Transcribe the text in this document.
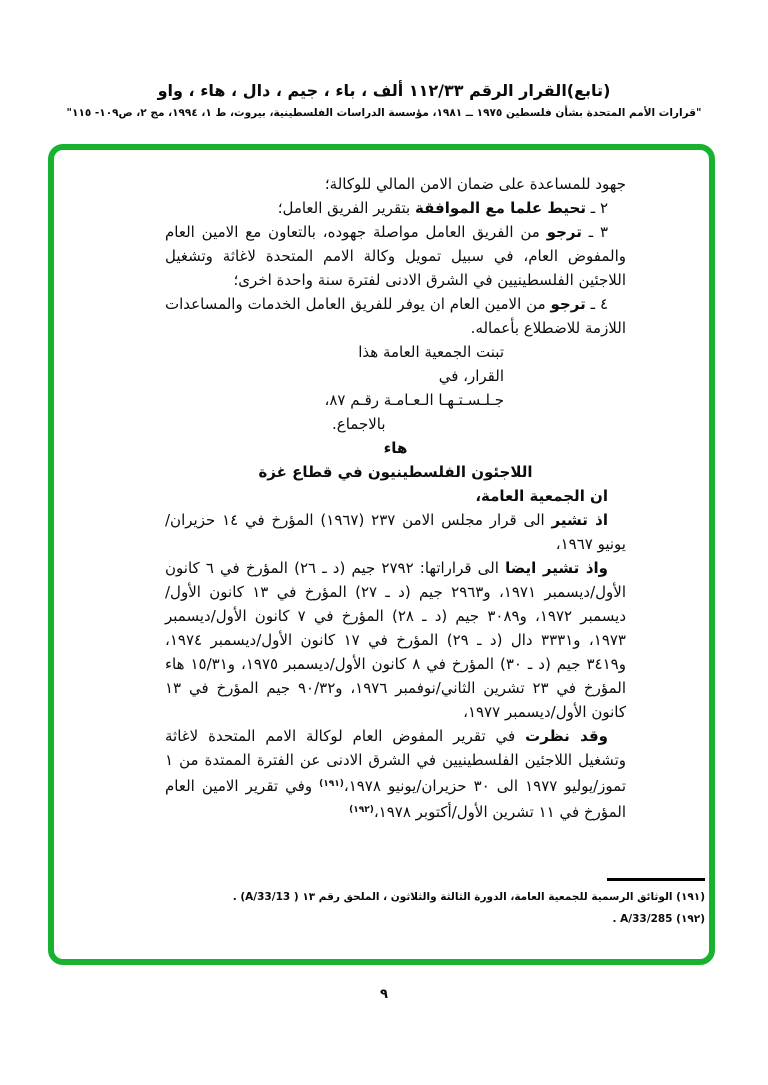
(تابع)القرار الرقم ١١٢/٣٣ ألف ، باء ، جيم ، دال ، هاء ، واو
"قرارات الأمم المتحدة بشأن فلسطين ١٩٧٥ ــ ١٩٨١، مؤسسة الدراسات الفلسطينية، بيروت، ط ١، ١٩٩٤، مج ٢، ص١٠٩- ١١٥"

جهود للمساعدة على ضمان الامن المالي للوكالة؛

٢ ـ تحيط علما مع الموافقة بتقرير الفريق العامل؛

٣ ـ ترجو من الفريق العامل مواصلة جهوده، بالتعاون مع الامين العام والمفوض العام، في سبيل تمويل وكالة الامم المتحدة لاغاثة وتشغيل اللاجئين الفلسطينيين في الشرق الادنى لفترة سنة واحدة اخرى؛

٤ ـ ترجو من الامين العام ان يوفر للفريق العامل الخدمات والمساعدات اللازمة للاضطلاع بأعماله.

تبنت الجمعية العامة هذا القرار، في

جـلـسـتـهـا الـعـامـة رقـم ٨٧،

بالاجماع.

هاء

اللاجئون الفلسطينيون في قطاع غزة

ان الجمعية العامة،

اذ تشير الى قرار مجلس الامن ٢٣٧ (١٩٦٧) المؤرخ في ١٤ حزيران/يونيو ١٩٦٧،

واذ تشير ايضا الى قراراتها: ٢٧٩٢ جيم (د ـ ٢٦) المؤرخ في ٦ كانون الأول/ديسمبر ١٩٧١، و٢٩٦٣ جيم (د ـ ٢٧) المؤرخ في ١٣ كانون الأول/ديسمبر ١٩٧٢، و٣٠٨٩ جيم (د ـ ٢٨) المؤرخ في ٧ كانون الأول/ديسمبر ١٩٧٣، و٣٣٣١ دال (د ـ ٢٩) المؤرخ في ١٧ كانون الأول/ديسمبر ١٩٧٤، و٣٤١٩ جيم (د ـ ٣٠) المؤرخ في ٨ كانون الأول/ديسمبر ١٩٧٥، و١٥/٣١ هاء المؤرخ في ٢٣ تشرين الثاني/نوفمبر ١٩٧٦، و٩٠/٣٢ جيم المؤرخ في ١٣ كانون الأول/ديسمبر ١٩٧٧،

وقد نظرت في تقرير المفوض العام لوكالة الامم المتحدة لاغاثة وتشغيل اللاجئين الفلسطينيين في الشرق الادنى عن الفترة الممتدة من ١ تموز/يوليو ١٩٧٧ الى ٣٠ حزيران/يونيو ١٩٧٨،$^{(١٩١)}$ وفي تقرير الامين العام المؤرخ في ١١ تشرين الأول/أكتوبر ١٩٧٨،$^{(١٩٢)}$

(١٩١) الوثائق الرسمية للجمعية العامة، الدورة الثالثة والثلاثون ، الملحق رقم ١٣ ( A/33/13) .

(١٩٢) A/33/285 .

٩
